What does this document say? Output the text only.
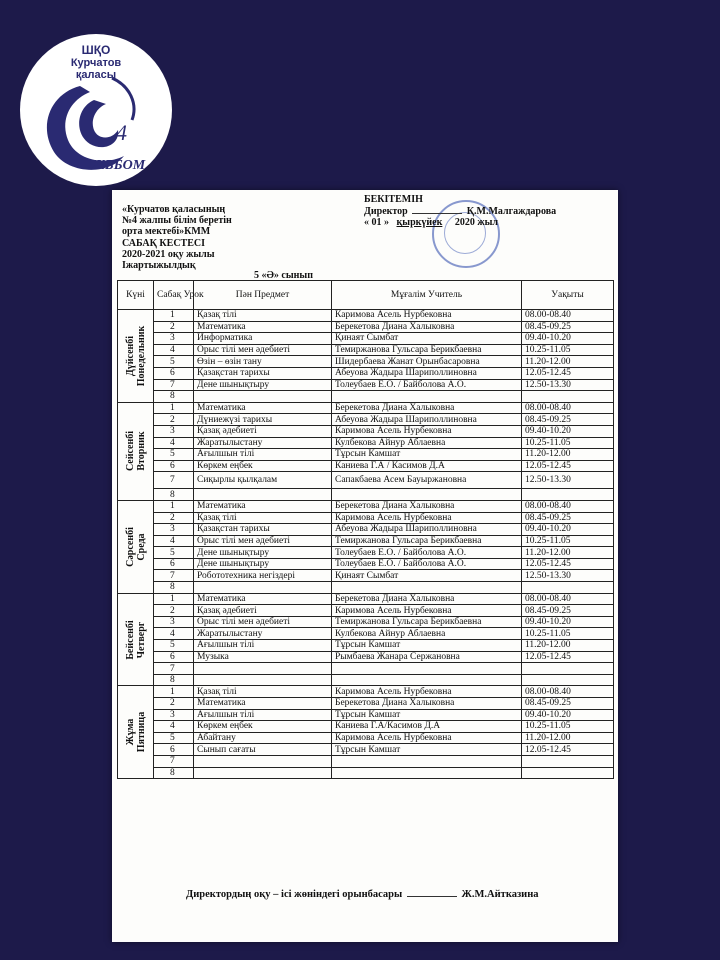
ШҚО
Курчатов
қаласы
4
ЖББОМ
«Курчатов қаласының
№4 жалпы білім беретін
орта мектебі»КММ
САБАҚ КЕСТЕСІ
2020-2021 оқу жылы
Iжартыжылдық
5 «Ә» сынып
БЕКІТЕМІН
Директор	Қ.М.Малгаждарова
« 01 » қыркүйек 2020 жыл
Күні	Сабақ Урок	Пән Предмет	Мұғалім Учитель	Уақыты

Дүйсенбі Понедельник	1	Қазақ тілі	Каримова Асель Нурбековна	08.00-08.40
	2	Математика	Берекетова Диана Халыковна	08.45-09.25
	3	Информатика	Қинаят Сымбат	09.40-10.20
	4	Орыс тілі мен әдебиеті	Темиржанова Гульсара Берикбаевна	10.25-11.05
	5	Өзін – өзін тану	Шидербаева Жанат Орынбасаровна	11.20-12.00
	6	Қазақстан тарихы	Абеуова Жадыра Шариполлиновна	12.05-12.45
	7	Дене шынықтыру	Толеубаев Е.О. / Байболова А.О.	12.50-13.30
	8			

Сейсенбі Вторник	1	Математика	Берекетова Диана Халыковна	08.00-08.40
	2	Дүниежүзі тарихы	Абеуова Жадыра Шариполлиновна	08.45-09.25
	3	Қазақ әдебиеті	Каримова Асель Нурбековна	09.40-10.20
	4	Жаратылыстану	Кулбекова Айнур Аблаевна	10.25-11.05
	5	Ағылшын тілі	Тұрсын Камшат	11.20-12.00
	6	Көркем еңбек	Каниева Г.А / Касимов Д.А	12.05-12.45
	7	Сиқырлы қылқалам	Сапакбаева Асем Бауыржановна	12.50-13.30
	8			

Сәрсенбі Среда	1	Математика	Берекетова Диана Халыковна	08.00-08.40
	2	Қазақ тілі	Каримова Асель Нурбековна	08.45-09.25
	3	Қазақстан тарихы	Абеуова Жадыра Шариполлиновна	09.40-10.20
	4	Орыс тілі мен әдебиеті	Темиржанова Гульсара Берикбаевна	10.25-11.05
	5	Дене шынықтыру	Толеубаев Е.О. / Байболова А.О.	11.20-12.00
	6	Дене шынықтыру	Толеубаев Е.О. / Байболова А.О.	12.05-12.45
	7	Робототехника негіздері	Қинаят Сымбат	12.50-13.30
	8			

Бейсенбі Четверг	1	Математика	Берекетова Диана Халыковна	08.00-08.40
	2	Қазақ әдебиеті	Каримова Асель Нурбековна	08.45-09.25
	3	Орыс тілі мен әдебиеті	Темиржанова Гульсара Берикбаевна	09.40-10.20
	4	Жаратылыстану	Кулбекова Айнур Аблаевна	10.25-11.05
	5	Ағылшын тілі	Тұрсын Камшат	11.20-12.00
	6	Музыка	Рымбаева Жанара Сержановна	12.05-12.45
	7			
	8			

Жұма Пятница	1	Қазақ тілі	Каримова Асель Нурбековна	08.00-08.40
	2	Математика	Берекетова Диана Халыковна	08.45-09.25
	3	Ағылшын тілі	Тұрсын Камшат	09.40-10.20
	4	Көркем еңбек	Каниева Г.А/Касимов Д.А	10.25-11.05
	5	Абайтану	Каримова Асель Нурбековна	11.20-12.00
	6	Сынып сағаты	Тұрсын Камшат	12.05-12.45
	7			
	8			
Директордың оқу – ісі жөніндегі орынбасары	Ж.М.Айтказина
